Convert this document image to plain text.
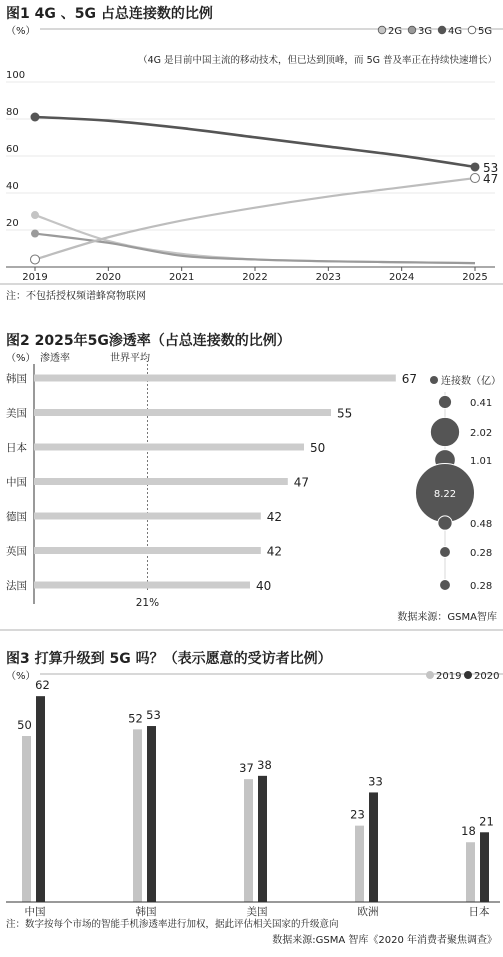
图1 4G 、5G 占总连接数的比例
（%）	2G 3G 4G 5G
（4G 是目前中国主流的移动技术，但已达到顶峰，而 5G 普及率正在持续快速增长）
100
80
60
40
20
2019	2020	2021	2022	2023	2024	2025
53
47
注：不包括授权频谱蜂窝物联网
图2 2025年5G渗透率（占总连接数的比例）
（%） 渗透率	世界平均
21%
韩国	67
美国	55
日本	50
中国	47
德国	42
英国	42
法国	40
连接数（亿）
0.41
2.02
1.01
8.22
0.48
0.28
0.28
数据来源：GSMA智库
图3 打算升级到 5G 吗？（表示愿意的受访者比例）
（%）	2019 2020
50
62
52 53
37 38
23
33
18
21
中国	韩国	美国	欧洲	日本
注：数字按每个市场的智能手机渗透率进行加权，据此评估相关国家的升级意向
数据来源:GSMA 智库《2020 年消费者聚焦调查》
